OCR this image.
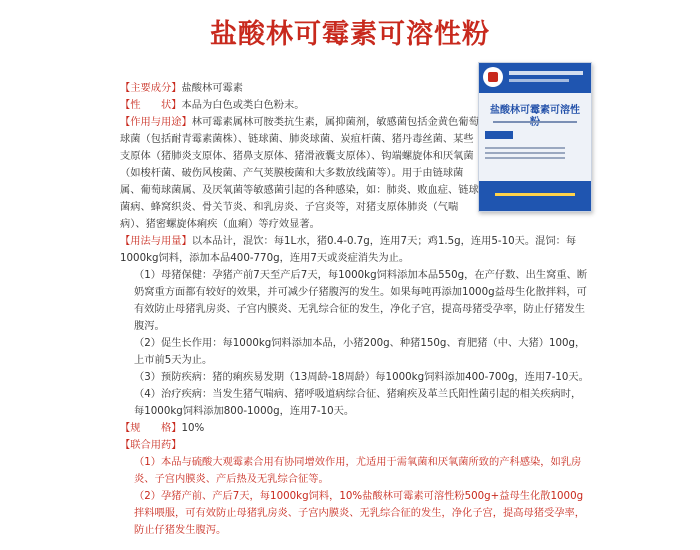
盐酸林可霉素可溶性粉
盐酸林可霉素可溶性

【主要成分】盐酸林可霉素

【性　　状】本品为白色或类白色粉末。

【作用与用途】林可霉素属林可胺类抗生素，属抑菌剂，敏感菌包括金黄色葡萄球菌（包括耐青霉素菌株）、链球菌、肺炎球菌、炭疽杆菌、猪丹毒丝菌、某些支原体（猪肺炎支原体、猪鼻支原体、猪滑液囊支原体）、钩端螺旋体和厌氧菌（如梭杆菌、破伤风梭菌、产气荚膜梭菌和大多数放线菌等）。用于由链球菌属、葡萄球菌属、及厌氧菌等敏感菌引起的各种感染，如：肺炎、败血症、链球菌病、蜂窝织炎、骨关节炎、和乳房炎、子宫炎等，对猪支原体肺炎（气喘病）、猪密螺旋体痢疾（血痢）等疗效显著。

【用法与用量】以本品计，混饮：每1L水，猪0.4-0.7g，连用7天；鸡1.5g，连用5-10天。混饲：每1000kg饲料，添加本品400-770g，连用7天或炎症消失为止。

（1）母猪保健：孕猪产前7天至产后7天，每1000kg饲料添加本品550g，在产仔数、出生窝重、断奶窝重方面都有较好的效果，并可减少仔猪腹泻的发生。如果每吨再添加1000g益母生化散拌料，可有效防止母猪乳房炎、子宫内膜炎、无乳综合征的发生，净化子宫，提高母猪受孕率，防止仔猪发生腹泻。

（2）促生长作用：每1000kg饲料添加本品，小猪200g、种猪150g、育肥猪（中、大猪）100g，上市前5天为止。

（3）预防疾病：猪的痢疾易发期（13周龄-18周龄）每1000kg饲料添加400-700g，连用7-10天。

（4）治疗疾病：当发生猪气喘病、猪呼吸道病综合征、猪痢疾及革兰氏阳性菌引起的相关疾病时，每1000kg饲料添加800-1000g，连用7-10天。

【规　　格】10%

【联合用药】

（1）本品与硫酸大观霉素合用有协同增效作用，尤适用于需氧菌和厌氧菌所致的产科感染，如乳房炎、子宫内膜炎、产后热及无乳综合征等。

（2）孕猪产前、产后7天，每1000kg饲料，10%盐酸林可霉素可溶性粉500g+益母生化散1000g拌料喂服，可有效防止母猪乳房炎、子宫内膜炎、无乳综合征的发生，净化子宫，提高母猪受孕率，防止仔猪发生腹泻。
